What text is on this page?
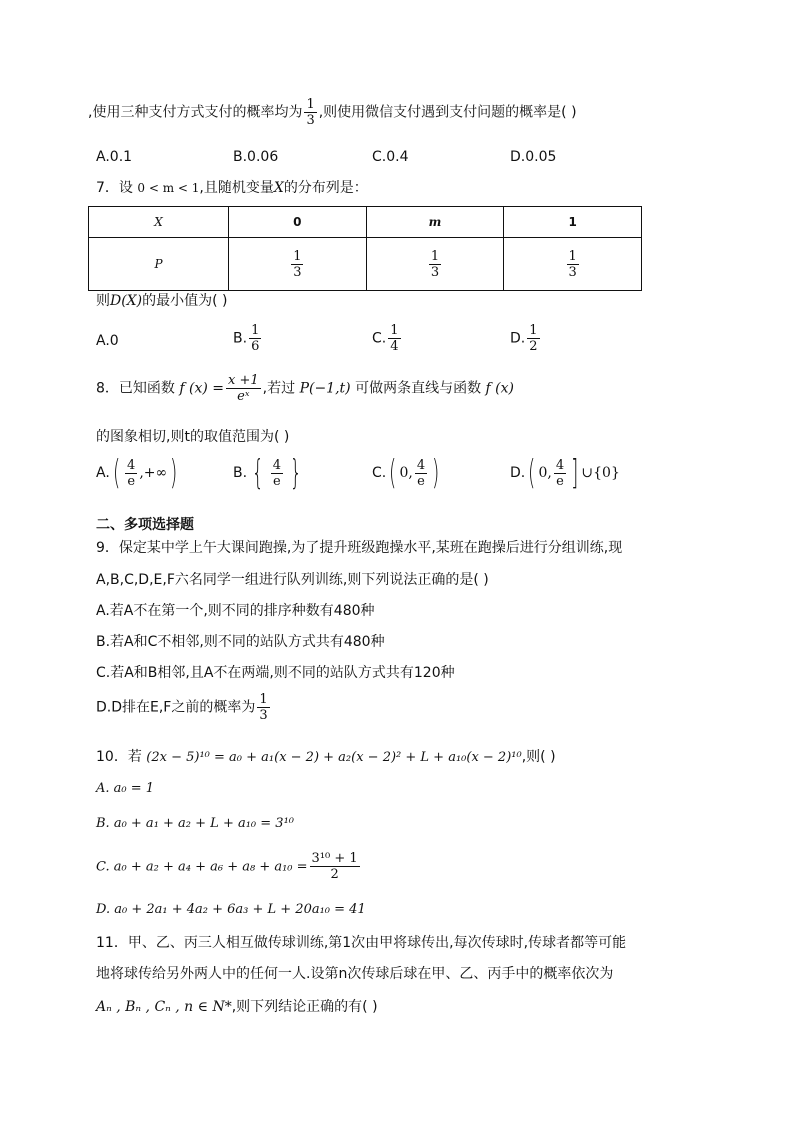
,使用三种支付方式支付的概率均为 $\frac{1}{3}$ ,则使用微信支付遇到支付问题的概率是( )
A.0.1	B.0.06	C.0.4	D.0.05
7．设 0 < m < 1,且随机变量X的分布列是：
X	0	m	1
P	$\frac{1}{3}$	$\frac{1}{3}$	$\frac{1}{3}$
则D(X)的最小值为( )
A.0	B. $\frac{1}{6}$	C. $\frac{1}{4}$	D. $\frac{1}{2}$
8．已知函数 f $(x) = \frac{x +1}{\text{eˣ}}$ ,若过 P(−1,t) 可做两条直线与函数 f (x)
的图象相切,则t的取值范围为( )
$A.( \frac{4}{e}$ ,+∞)	B. { $\frac{4}{e}$ }	C.( 0, $\frac{4}{e}$ )	D.( 0, $\frac{4}{e}$ ] ∪{0}
二、多项选择题
9．保定某中学上午大课间跑操,为了提升班级跑操水平,某班在跑操后进行分组训练,现
A,B,C,D,E,F六名同学一组进行队列训练,则下列说法正确的是( )
A.若A不在第一个,则不同的排序种数有480种
B.若A和C不相邻,则不同的站队方式共有480种
C.若A和B相邻,且A不在两端,则不同的站队方式共有120种
D.D排在E,F之前的概率为 $\frac{1}{3}$
10．若 (2x − 5)¹⁰ = a₀ + a₁(x − 2) + a₂(x − 2)² + L + a₁₀(x − 2)¹⁰,则( )
A. a₀ = 1
B. a₀ + a₁ + a₂ + L + a₁₀ = 3¹⁰
C. $a_0 + a_2 + a_4 + a_6 + a_8 + a_{10} = \frac{\text{3¹⁰ + 1}}{2}$
D. a₀ + 2a₁ + 4a₂ + 6a₃ + L + 20a₁₀ = 41
11．甲、乙、丙三人相互做传球训练,第1次由甲将球传出,每次传球时,传球者都等可能
地将球传给另外两人中的任何一人.设第n次传球后球在甲、乙、丙手中的概率依次为
Aₙ , Bₙ , Cₙ , n ∈ N*,则下列结论正确的有( )
